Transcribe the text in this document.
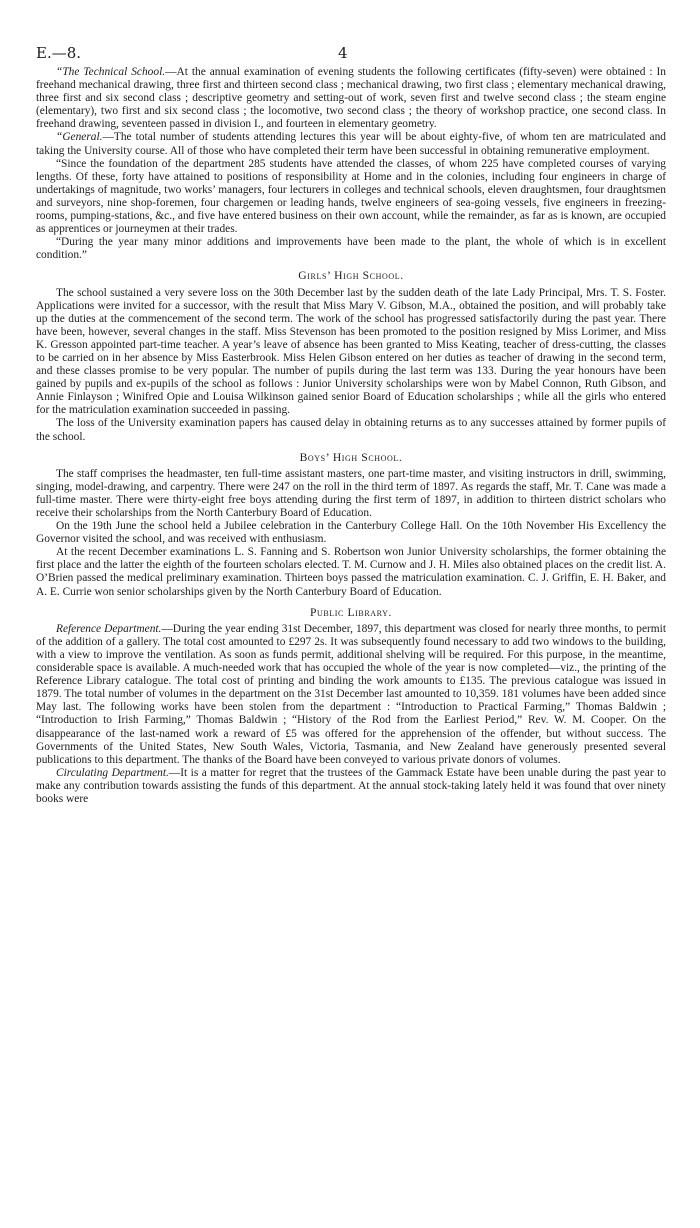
E.—8.	4

“The Technical School.—At the annual examination of evening students the following certificates (fifty-seven) were obtained : In freehand mechanical drawing, three first and thirteen second class ; mechanical drawing, two first class ; elementary mechanical drawing, three first and six second class ; descriptive geometry and setting-out of work, seven first and twelve second class ; the steam engine (elementary), two first and six second class ; the locomotive, two second class ; the theory of workshop practice, one second class. In freehand drawing, seventeen passed in division I., and fourteen in elementary geometry.

“General.—The total number of students attending lectures this year will be about eighty-five, of whom ten are matriculated and taking the University course. All of those who have completed their term have been successful in obtaining remunerative employment.

“Since the foundation of the department 285 students have attended the classes, of whom 225 have completed courses of varying lengths. Of these, forty have attained to positions of responsibility at Home and in the colonies, including four engineers in charge of undertakings of magnitude, two works’ managers, four lecturers in colleges and technical schools, eleven draughtsmen, four draughtsmen and surveyors, nine shop-foremen, four chargemen or leading hands, twelve engineers of sea-going vessels, five engineers in freezing-rooms, pumping-stations, &c., and five have entered business on their own account, while the remainder, as far as is known, are occupied as apprentices or journeymen at their trades.

“During the year many minor additions and improvements have been made to the plant, the whole of which is in excellent condition.”

Girls’ High School.

The school sustained a very severe loss on the 30th December last by the sudden death of the late Lady Principal, Mrs. T. S. Foster. Applications were invited for a successor, with the result that Miss Mary V. Gibson, M.A., obtained the position, and will probably take up the duties at the commencement of the second term. The work of the school has progressed satisfactorily during the past year. There have been, however, several changes in the staff. Miss Stevenson has been promoted to the position resigned by Miss Lorimer, and Miss K. Gresson appointed part-time teacher. A year’s leave of absence has been granted to Miss Keating, teacher of dress-cutting, the classes to be carried on in her absence by Miss Easterbrook. Miss Helen Gibson entered on her duties as teacher of drawing in the second term, and these classes promise to be very popular. The number of pupils during the last term was 133. During the year honours have been gained by pupils and ex-pupils of the school as follows : Junior University scholarships were won by Mabel Connon, Ruth Gibson, and Annie Finlayson ; Winifred Opie and Louisa Wilkinson gained senior Board of Education scholarships ; while all the girls who entered for the matriculation examination succeeded in passing.

The loss of the University examination papers has caused delay in obtaining returns as to any successes attained by former pupils of the school.

Boys’ High School.

The staff comprises the headmaster, ten full-time assistant masters, one part-time master, and visiting instructors in drill, swimming, singing, model-drawing, and carpentry. There were 247 on the roll in the third term of 1897. As regards the staff, Mr. T. Cane was made a full-time master. There were thirty-eight free boys attending during the first term of 1897, in addition to thirteen district scholars who receive their scholarships from the North Canterbury Board of Education.

On the 19th June the school held a Jubilee celebration in the Canterbury College Hall. On the 10th November His Excellency the Governor visited the school, and was received with enthusiasm.

At the recent December examinations L. S. Fanning and S. Robertson won Junior University scholarships, the former obtaining the first place and the latter the eighth of the fourteen scholars elected. T. M. Curnow and J. H. Miles also obtained places on the credit list. A. O’Brien passed the medical preliminary examination. Thirteen boys passed the matriculation examination. C. J. Griffin, E. H. Baker, and A. E. Currie won senior scholarships given by the North Canterbury Board of Education.

Public Library.

Reference Department.—During the year ending 31st December, 1897, this department was closed for nearly three months, to permit of the addition of a gallery. The total cost amounted to £297 2s. It was subsequently found necessary to add two windows to the building, with a view to improve the ventilation. As soon as funds permit, additional shelving will be required. For this purpose, in the meantime, considerable space is available. A much-needed work that has occupied the whole of the year is now completed—viz., the printing of the Reference Library catalogue. The total cost of printing and binding the work amounts to £135. The previous catalogue was issued in 1879. The total number of volumes in the department on the 31st December last amounted to 10,359. 181 volumes have been added since May last. The following works have been stolen from the department : “Introduction to Practical Farming,” Thomas Baldwin ; “Introduction to Irish Farming,” Thomas Baldwin ; “History of the Rod from the Earliest Period,” Rev. W. M. Cooper. On the disappearance of the last-named work a reward of £5 was offered for the apprehension of the offender, but without success. The Governments of the United States, New South Wales, Victoria, Tasmania, and New Zealand have generously presented several publications to this department. The thanks of the Board have been conveyed to various private donors of volumes.

Circulating Department.—It is a matter for regret that the trustees of the Gammack Estate have been unable during the past year to make any contribution towards assisting the funds of this department. At the annual stock-taking lately held it was found that over ninety books were
